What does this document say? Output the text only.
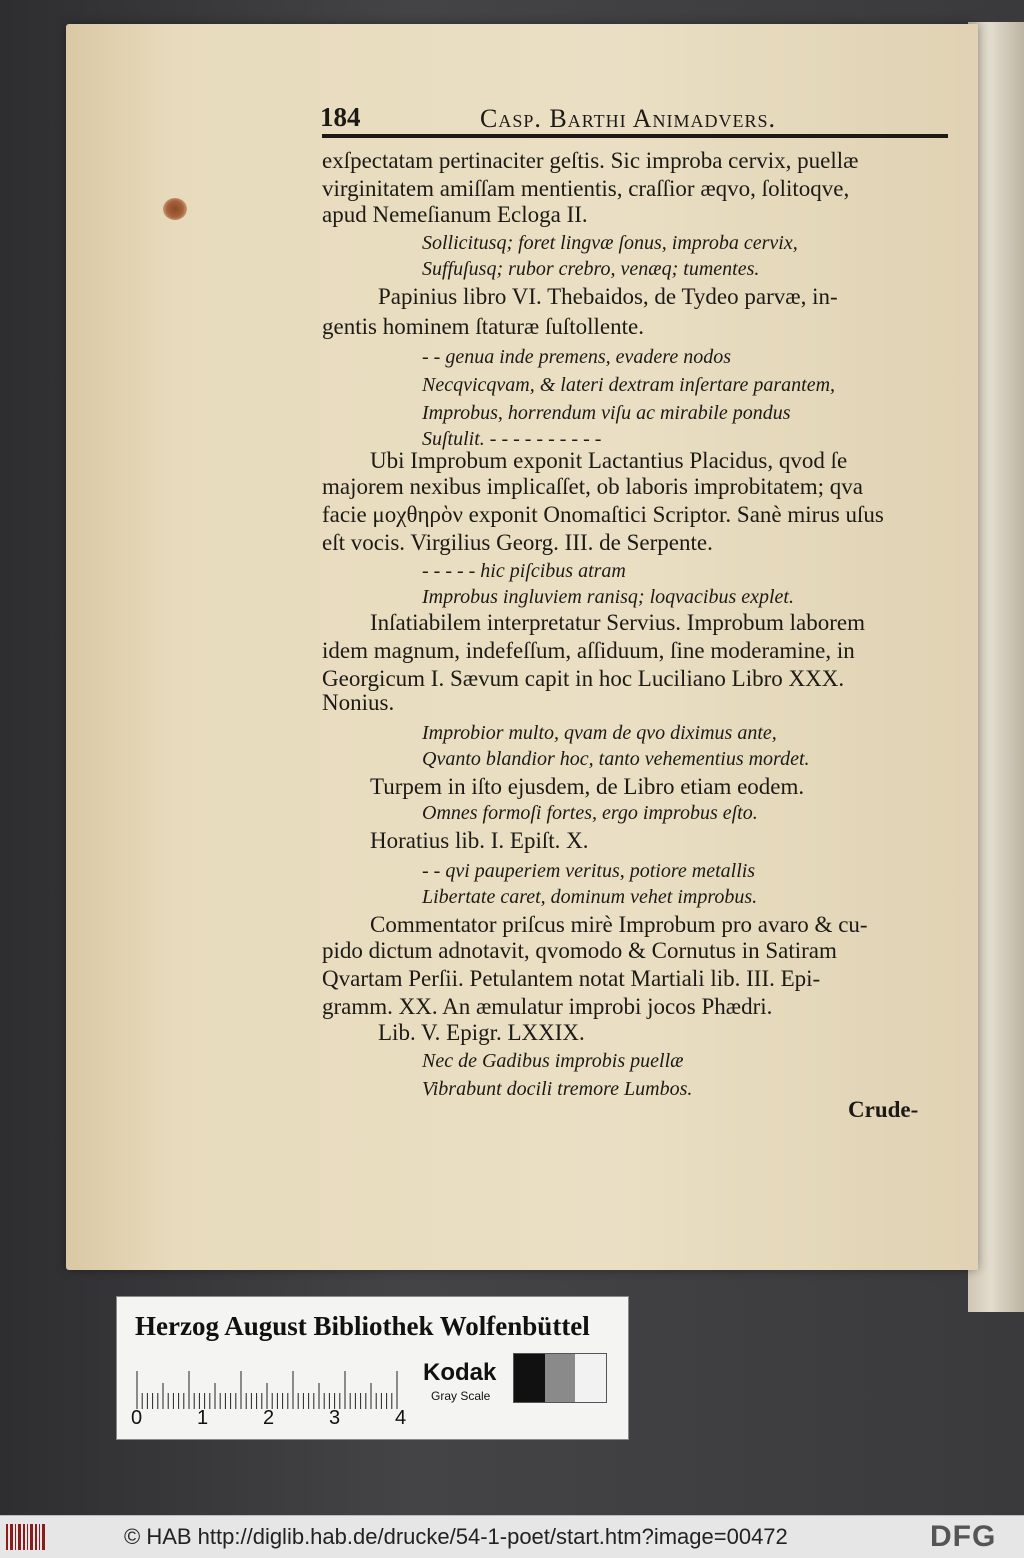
184	Casp. Barthi Animadvers.
exſpectatam pertinaciter geſtis. Sic improba cervix, puellæ
virginitatem amiſſam mentientis, craſſior æqvo, ſolitoqve,
apud Nemeſianum Ecloga II.
Sollicitusq; foret lingvæ ſonus, improba cervix,
Suffuſusq; rubor crebro, venæq; tumentes.
Papinius libro VI. Thebaidos, de Tydeo parvæ, in-
gentis hominem ſtaturæ ſuſtollente.
- - genua inde premens, evadere nodos
Necqvicqvam, & lateri dextram inſertare parantem,
Improbus, horrendum viſu ac mirabile pondus
Suſtulit. - - - - - - - - - -
Ubi Improbum exponit Lactantius Placidus, qvod ſe
majorem nexibus implicaſſet, ob laboris improbitatem; qva
facie μοχθηρὸν exponit Onomaſtici Scriptor. Sanè mirus uſus
eſt vocis. Virgilius Georg. III. de Serpente.
- - - - - hic piſcibus atram
Improbus ingluviem ranisq; loqvacibus explet.
Inſatiabilem interpretatur Servius. Improbum laborem
idem magnum, indefeſſum, aſſiduum, ſine moderamine, in
Georgicum I. Sævum capit in hoc Luciliano Libro XXX.
Nonius.
Improbior multo, qvam de qvo diximus ante,
Qvanto blandior hoc, tanto vehementius mordet.
Turpem in iſto ejusdem, de Libro etiam eodem.
Omnes formoſi fortes, ergo improbus eſto.
Horatius lib. I. Epiſt. X.
- - qvi pauperiem veritus, potiore metallis
Libertate caret, dominum vehet improbus.
Commentator priſcus mirè Improbum pro avaro & cu-
pido dictum adnotavit, qvomodo & Cornutus in Satiram
Qvartam Perſii. Petulantem notat Martiali lib. III. Epi-
gramm. XX. An æmulatur improbi jocos Phædri.
Lib. V. Epigr. LXXIX.
Nec de Gadibus improbis puellæ
Vibrabunt docili tremore Lumbos.
Crude-
Herzog August Bibliothek Wolfenbüttel
0	1	2	3	4
Kodak
Gray Scale
© HAB http://diglib.hab.de/drucke/54-1-poet/start.htm?image=00472	DFG
